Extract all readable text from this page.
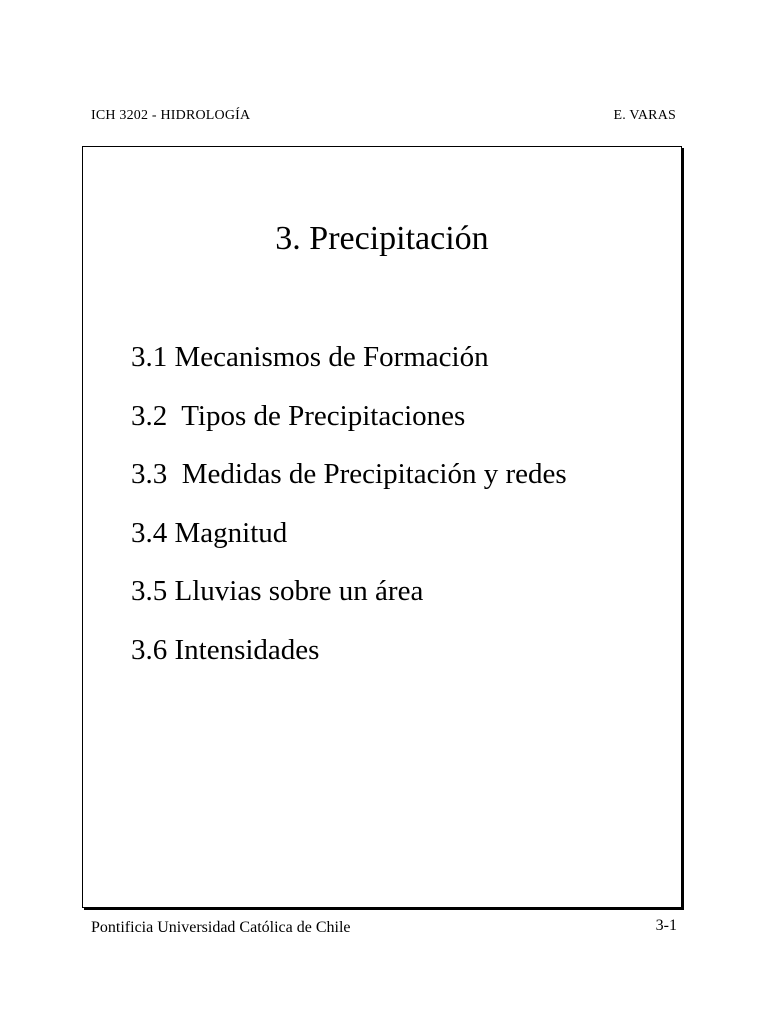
ICH 3202 - HIDROLOGÍA	E. VARAS
3. Precipitación
3.1 Mecanismos de Formación
3.2  Tipos de Precipitaciones
3.3  Medidas de Precipitación y redes
3.4 Magnitud
3.5 Lluvias sobre un área
3.6 Intensidades
Pontificia Universidad Católica de Chile	3-1
